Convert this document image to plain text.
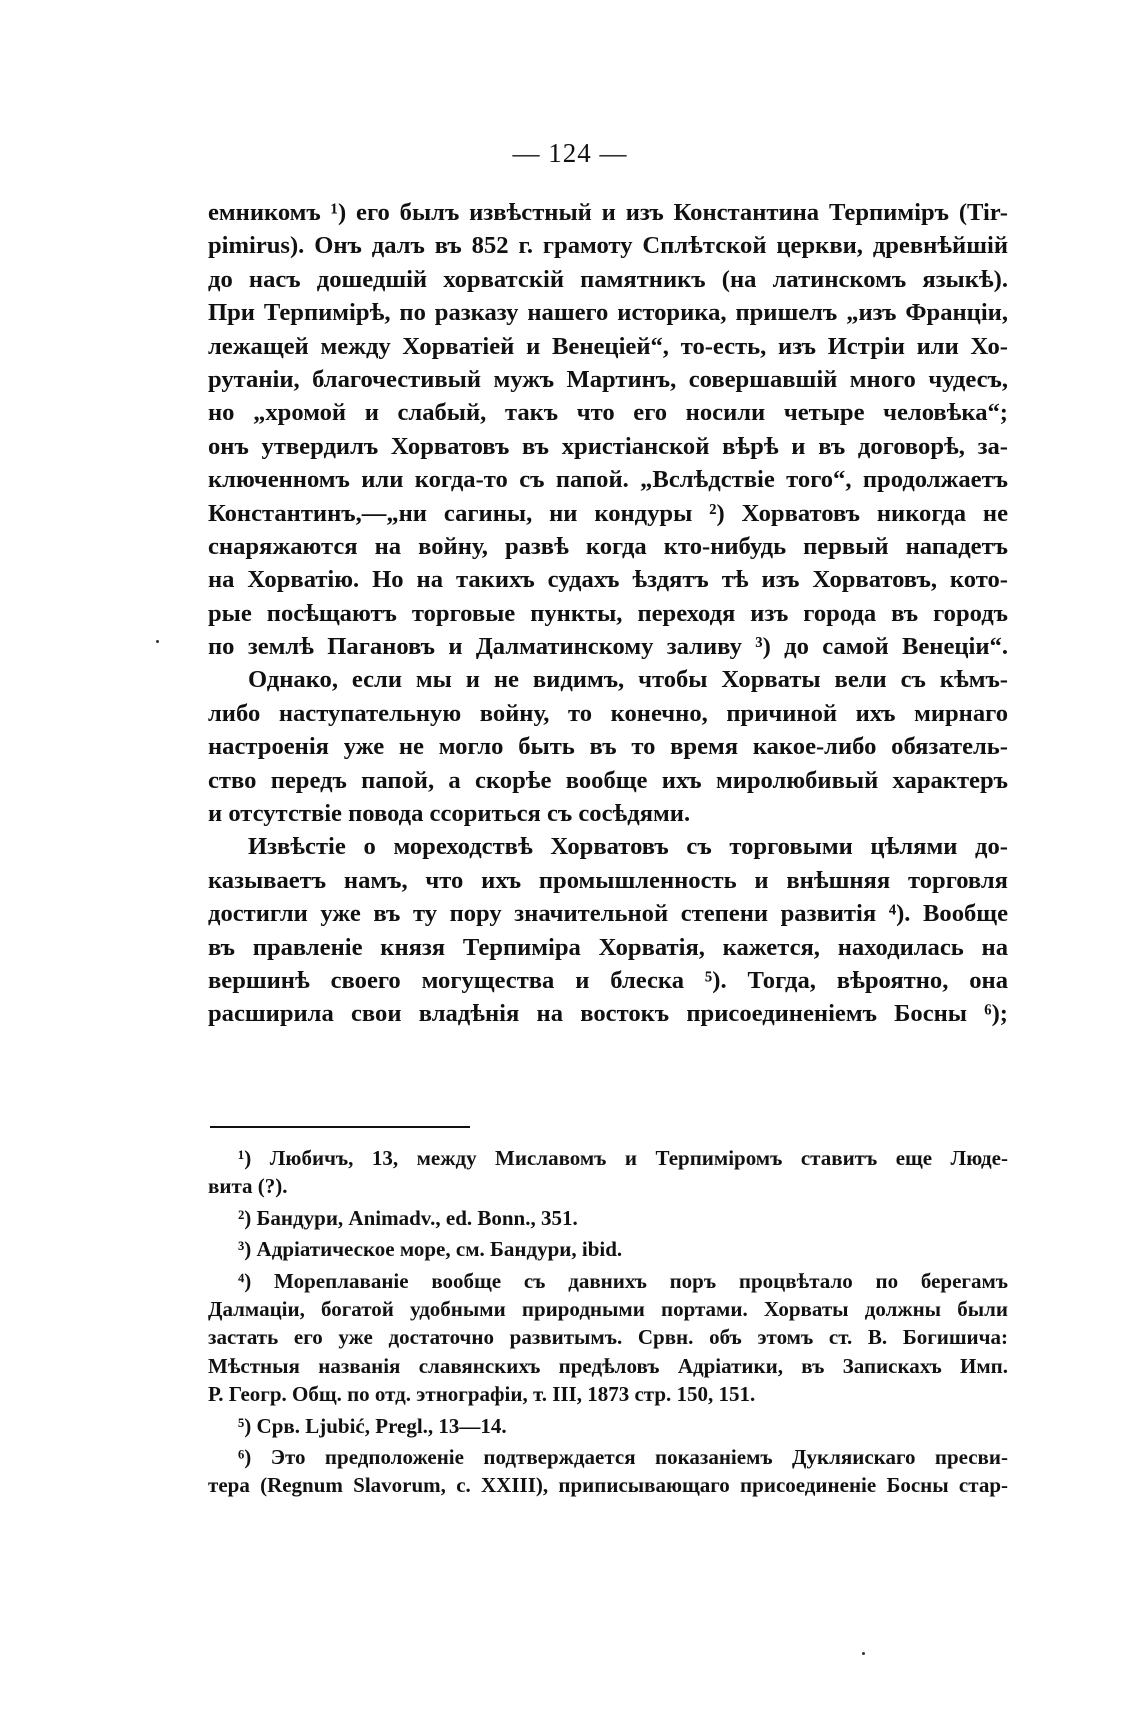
— 124 —
емникомъ ¹) его былъ извѣстный и изъ Константина Терпиміръ (Tir-
pimirus). Онъ далъ въ 852 г. грамоту Сплѣтской церкви, древнѣйшій
до насъ дошедшій хорватскій памятникъ (на латинскомъ языкѣ).
При Терпимірѣ, по разказу нашего историка, пришелъ „изъ Франціи,
лежащей между Хорватіей и Венеціей“, то-есть, изъ Истріи или Хо-
рутаніи, благочестивый мужъ Мартинъ, совершавшій много чудесъ,
но „хромой и слабый, такъ что его носили четыре человѣка“;
онъ утвердилъ Хорватовъ въ христіанской вѣрѣ и въ договорѣ, за-
ключенномъ или когда-то съ папой. „Вслѣдствіе того“, продолжаетъ
Константинъ,—„ни сагины, ни кондуры ²) Хорватовъ никогда не
снаряжаются на войну, развѣ когда кто-нибудь первый нападетъ
на Хорватію. Но на такихъ судахъ ѣздятъ тѣ изъ Хорватовъ, кото-
рые посѣщаютъ торговые пункты, переходя изъ города въ городъ
по землѣ Пагановъ и Далматинскому заливу ³) до самой Венеціи“.
Однако, если мы и не видимъ, чтобы Хорваты вели съ кѣмъ-
либо наступательную войну, то конечно, причиной ихъ мирнаго
настроенія уже не могло быть въ то время какое-либо обязатель-
ство передъ папой, а скорѣе вообще ихъ миролюбивый характеръ
и отсутствіе повода ссориться съ сосѣдями.
Извѣстіе о мореходствѣ Хорватовъ съ торговыми цѣлями до-
казываетъ намъ, что ихъ промышленность и внѣшняя торговля
достигли уже въ ту пору значительной степени развитія ⁴). Вообще
въ правленіе князя Терпиміра Хорватія, кажется, находилась на
вершинѣ своего могущества и блеска ⁵). Тогда, вѣроятно, она
расширила свои владѣнія на востокъ присоединеніемъ Босны ⁶);
¹) Любичъ, 13, между Миславомъ и Терпиміромъ ставитъ еще Люде-
вита (?).
²) Бандури, Animadv., ed. Bonn., 351.
³) Адріатическое море, см. Бандури, ibid.
⁴) Мореплаваніе вообще съ давнихъ поръ процвѣтало по берегамъ
Далмаціи, богатой удобными природными портами. Хорваты должны были
застать его уже достаточно развитымъ. Срвн. объ этомъ ст. В. Богишича:
Мѣстныя названія славянскихъ предѣловъ Адріатики, въ Запискахъ Имп.
Р. Геогр. Общ. по отд. этнографіи, т. III, 1873 стр. 150, 151.
⁵) Срв. Ljubić, Pregl., 13—14.
⁶) Это предположеніе подтверждается показаніемъ Дукляискаго пресви-
тера (Regnum Slavorum, c. XXIII), приписывающаго присоединеніе Босны стар-
